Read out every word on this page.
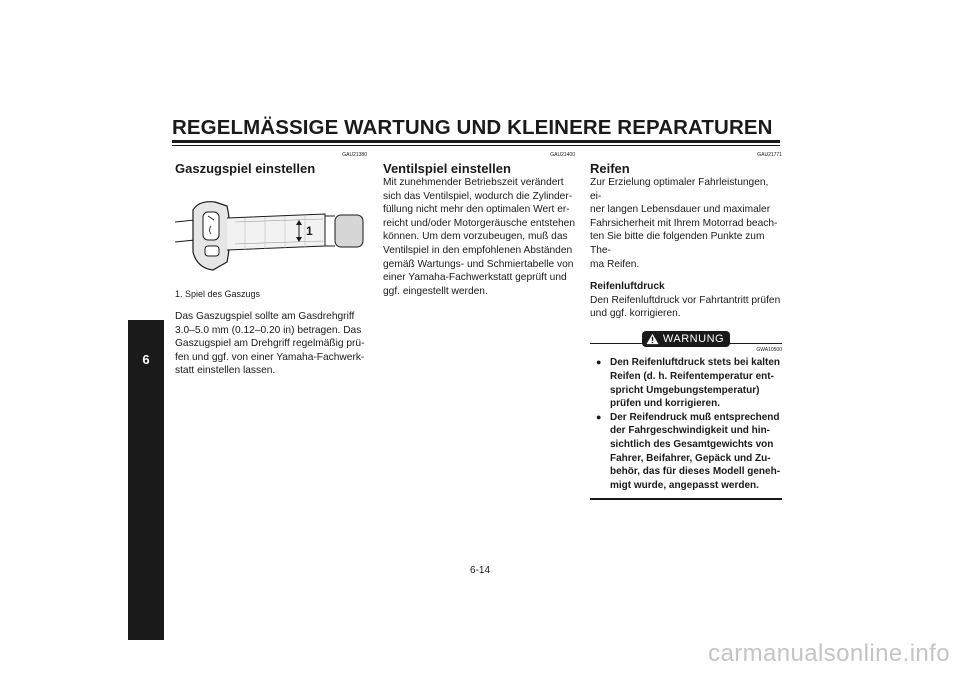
REGELMÄSSIGE WARTUNG UND KLEINERE REPARATUREN
6
GAU21380
Gaszugspiel einstellen
1
1. Spiel des Gaszugs
Das Gaszugspiel sollte am Gasdrehgriff
3.0–5.0 mm (0.12–0.20 in) betragen. Das
Gaszugspiel am Drehgriff regelmäßig prü-
fen und ggf. von einer Yamaha-Fachwerk-
statt einstellen lassen.
GAU21400
Ventilspiel einstellen
Mit zunehmender Betriebszeit verändert
sich das Ventilspiel, wodurch die Zylinder-
füllung nicht mehr den optimalen Wert er-
reicht und/oder Motorgeräusche entstehen
können. Um dem vorzubeugen, muß das
Ventilspiel in den empfohlenen Abständen
gemäß Wartungs- und Schmiertabelle von
einer Yamaha-Fachwerkstatt geprüft und
ggf. eingestellt werden.
GAU21771
Reifen
Zur Erzielung optimaler Fahrleistungen, ei-
ner langen Lebensdauer und maximaler
Fahrsicherheit mit Ihrem Motorrad beach-
ten Sie bitte die folgenden Punkte zum The-
ma Reifen.
Reifenluftdruck
Den Reifenluftdruck vor Fahrtantritt prüfen
und ggf. korrigieren.
WARNUNG
GWA10500
● Den Reifenluftdruck stets bei kalten
Reifen (d. h. Reifentemperatur ent-
spricht Umgebungstemperatur)
prüfen und korrigieren.
● Der Reifendruck muß entsprechend
der Fahrgeschwindigkeit und hin-
sichtlich des Gesamtgewichts von
Fahrer, Beifahrer, Gepäck und Zu-
behör, das für dieses Modell geneh-
migt wurde, angepasst werden.
6-14
carmanualsonline.info
